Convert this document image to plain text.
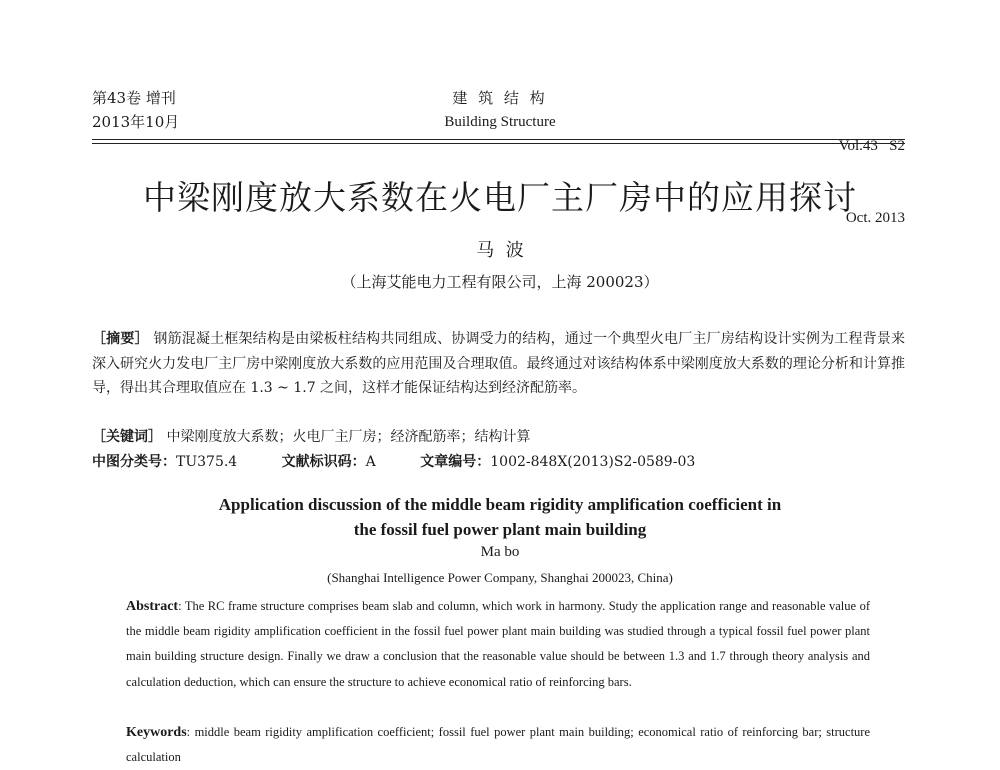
第43卷 增刊
2013年10月
建 筑 结 构
Building Structure

Vol.43   S2

Oct. 2013

中梁刚度放大系数在火电厂主厂房中的应用探讨
马  波
（上海艾能电力工程有限公司，上海 200023）
［摘要］ 钢筋混凝土框架结构是由梁板柱结构共同组成、协调受力的结构，通过一个典型火电厂主厂房结构设计实例为工程背景来深入研究火力发电厂主厂房中梁刚度放大系数的应用范围及合理取值。最终通过对该结构体系中梁刚度放大系数的理论分析和计算推导，得出其合理取值应在 1.3 ~ 1.7 之间，这样才能保证结构达到经济配筋率。
［关键词］ 中梁刚度放大系数；火电厂主厂房；经济配筋率；结构计算
中图分类号：TU375.4	文献标识码：A	文章编号：1002-848X(2013)S2-0589-03
Application discussion of the middle beam rigidity amplification coefficient in
the fossil fuel power plant main building
Ma bo
(Shanghai Intelligence Power Company, Shanghai 200023, China)
Abstract: The RC frame structure comprises beam slab and column, which work in harmony. Study the application range and reasonable value of the middle beam rigidity amplification coefficient in the fossil fuel power plant main building was studied through a typical fossil fuel power plant main building structure design. Finally we draw a conclusion that the reasonable value should be between 1.3 and 1.7 through theory analysis and calculation deduction, which can ensure the structure to achieve economical ratio of reinforcing bars.
Keywords: middle beam rigidity amplification coefficient; fossil fuel power plant main building; economical ratio of reinforcing bar; structure calculation
